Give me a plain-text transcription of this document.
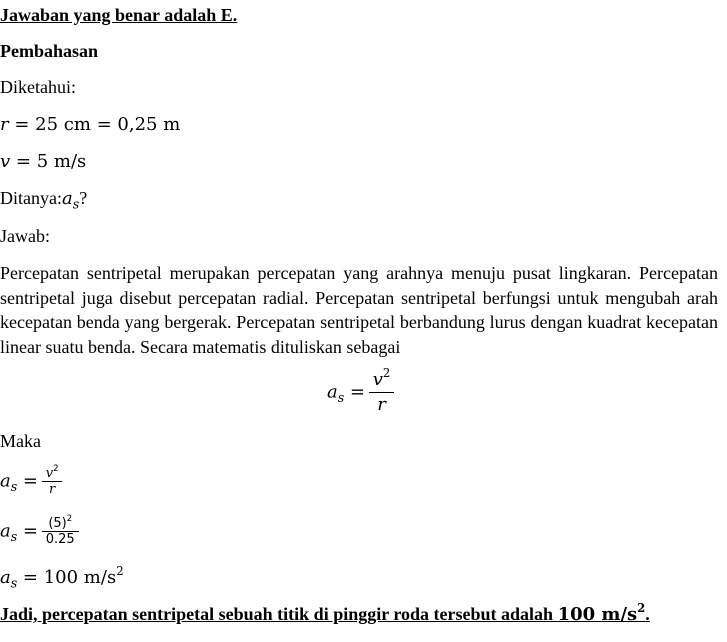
Jawaban yang benar adalah E.
Pembahasan
Diketahui:
r = 25 cm = 0,25 m
v = 5 m/s
$Ditanya:a_s$?
Jawab:
Percepatan sentripetal merupakan percepatan yang arahnya menuju pusat lingkaran. Percepatan sentripetal juga disebut percepatan radial. Percepatan sentripetal berfungsi untuk mengubah arah kecepatan benda yang bergerak. Percepatan sentripetal berbandung lurus dengan kuadrat kecepatan linear suatu benda. Secara matematis dituliskan sebagai
$a_s = \frac{v^2}{r}$
Maka
$a_s = \frac{v^2}{r}$
$a_s = \frac{(5)^2}{0.25}$
$a_s = 100$ $m/s^2$
Jadi, percepatan sentripetal sebuah titik di pinggir roda tersebut adalah 100 $m/s^2$.
